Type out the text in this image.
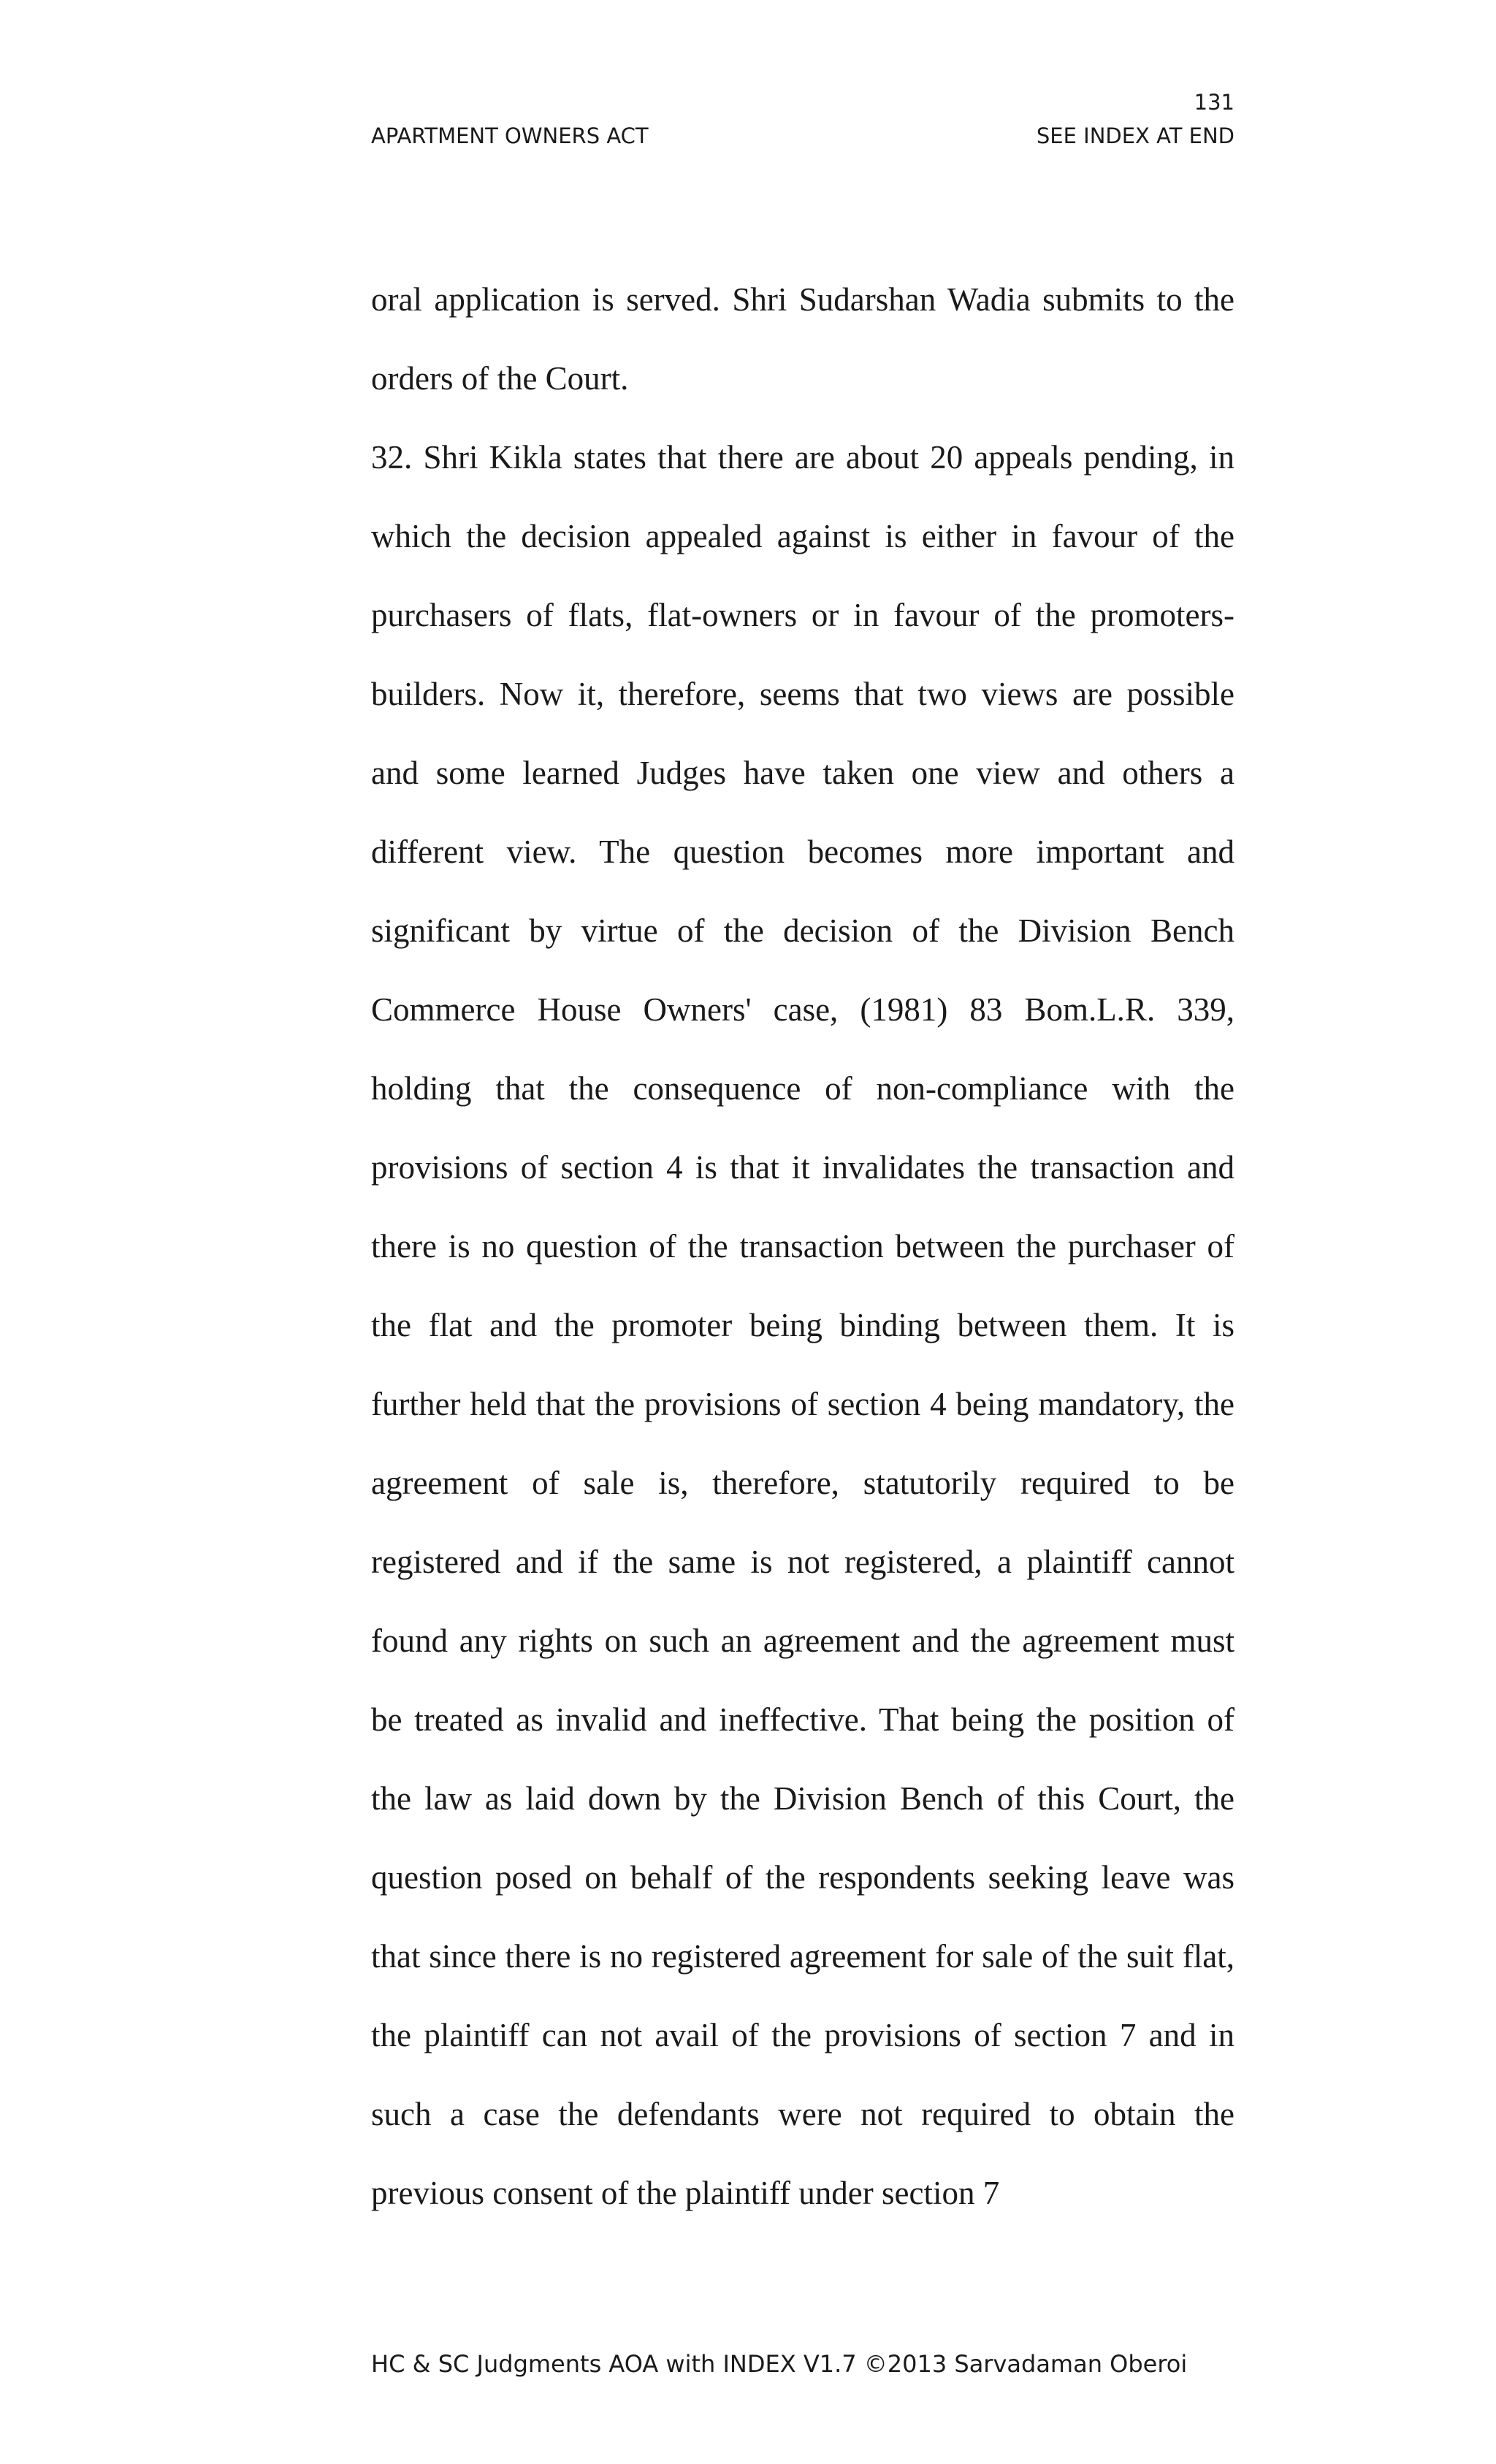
131
APARTMENT OWNERS ACT	SEE INDEX AT END

oral application is served. Shri Sudarshan Wadia submits to the orders of the Court.

32. Shri Kikla states that there are about 20 appeals pending, in which the decision appealed against is either in favour of the purchasers of flats, flat-owners or in favour of the promoters-builders. Now it, therefore, seems that two views are possible and some learned Judges have taken one view and others a different view. The question becomes more important and significant by virtue of the decision of the Division Bench Commerce House Owners' case, (1981) 83 Bom.L.R. 339, holding that the consequence of non-compliance with the provisions of section 4 is that it invalidates the transaction and there is no question of the transaction between the purchaser of the flat and the promoter being binding between them. It is further held that the provisions of section 4 being mandatory, the agreement of sale is, therefore, statutorily required to be registered and if the same is not registered, a plaintiff cannot found any rights on such an agreement and the agreement must be treated as invalid and ineffective. That being the position of the law as laid down by the Division Bench of this Court, the question posed on behalf of the respondents seeking leave was that since there is no registered agreement for sale of the suit flat, the plaintiff can not avail of the provisions of section 7 and in such a case the defendants were not required to obtain the previous consent of the plaintiff under section 7

HC & SC Judgments AOA with INDEX V1.7 ©2013 Sarvadaman Oberoi
